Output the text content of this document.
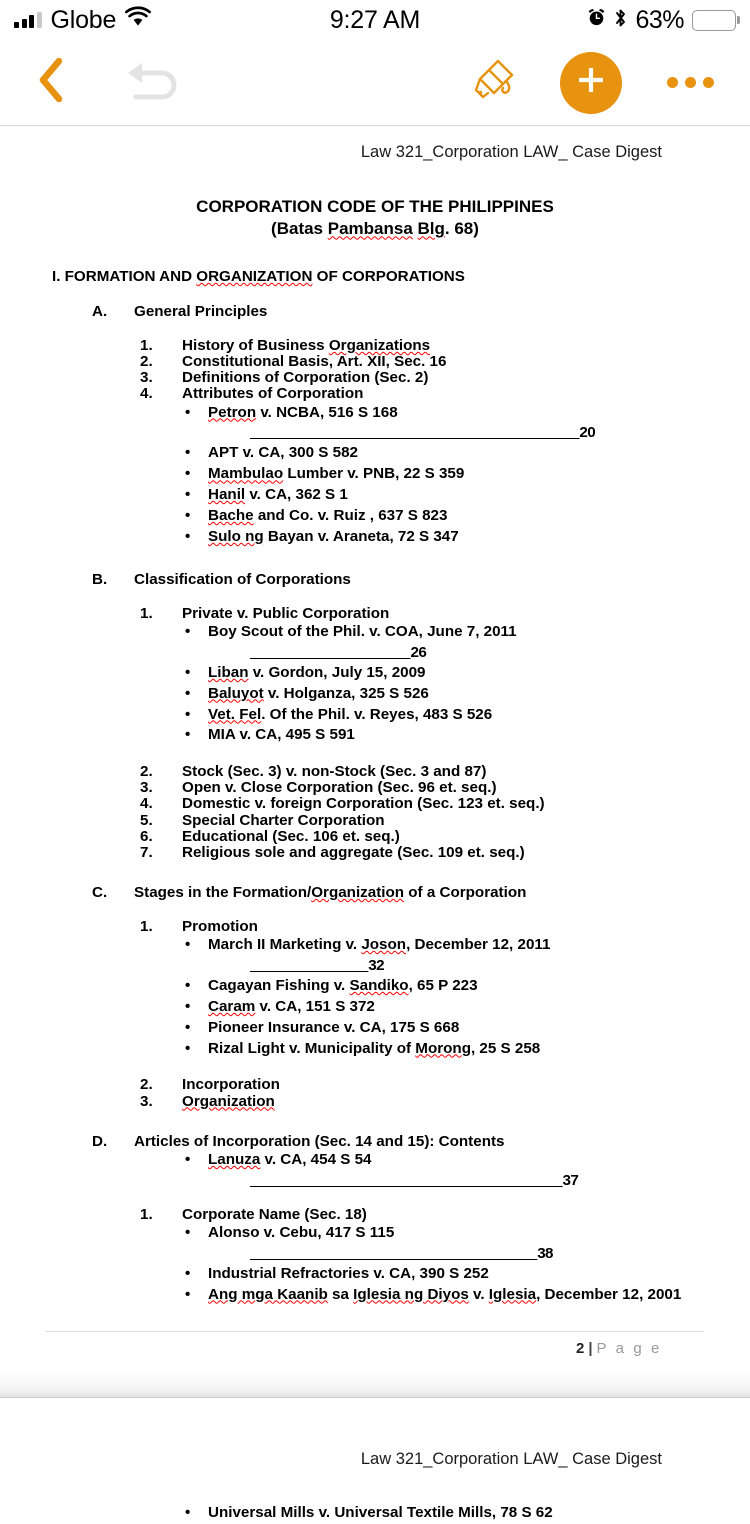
Globe	9:27 AM	63%
Law 321_Corporation LAW_ Case Digest
CORPORATION CODE OF THE PHILIPPINES
(Batas Pambansa Blg. 68)
I. FORMATION AND ORGANIZATION OF CORPORATIONS
A.	General Principles
1.	History of Business Organizations
2.	Constitutional Basis, Art. XII, Sec. 16
3.	Definitions of Corporation (Sec. 2)
4.	Attributes of Corporation
•	Petron v. NCBA, 516 S 168
_______________________________________20
•	APT v. CA, 300 S 582
•	Mambulao Lumber v. PNB, 22 S 359
•	Hanil v. CA, 362 S 1
•	Bache and Co. v. Ruiz , 637 S 823
•	Sulo ng Bayan v. Araneta, 72 S 347
B.	Classification of Corporations
1.	Private v. Public Corporation
•	Boy Scout of the Phil. v. COA, June 7, 2011
___________________26
•	Liban v. Gordon, July 15, 2009
•	Baluyot v. Holganza, 325 S 526
•	Vet. Fel. Of the Phil. v. Reyes, 483 S 526
•	MIA v. CA, 495 S 591
2.	Stock (Sec. 3) v. non-Stock (Sec. 3 and 87)
3.	Open v. Close Corporation (Sec. 96 et. seq.)
4.	Domestic v. foreign Corporation (Sec. 123 et. seq.)
5.	Special Charter Corporation
6.	Educational (Sec. 106 et. seq.)
7.	Religious sole and aggregate (Sec. 109 et. seq.)
C.	Stages in the Formation/Organization of a Corporation
1.	Promotion
•	March II Marketing v. Joson, December 12, 2011
______________32
•	Cagayan Fishing v. Sandiko, 65 P 223
•	Caram v. CA, 151 S 372
•	Pioneer Insurance v. CA, 175 S 668
•	Rizal Light v. Municipality of Morong, 25 S 258
2.	Incorporation
3.	Organization
D.	Articles of Incorporation (Sec. 14 and 15): Contents
•	Lanuza v. CA, 454 S 54
_____________________________________37
1.	Corporate Name (Sec. 18)
•	Alonso v. Cebu, 417 S 115
__________________________________38
•	Industrial Refractories v. CA, 390 S 252
•	Ang mga Kaanib sa Iglesia ng Diyos v. Iglesia, December 12, 2001
2 | P a g e
Law 321_Corporation LAW_ Case Digest
•	Universal Mills v. Universal Textile Mills, 78 S 62
